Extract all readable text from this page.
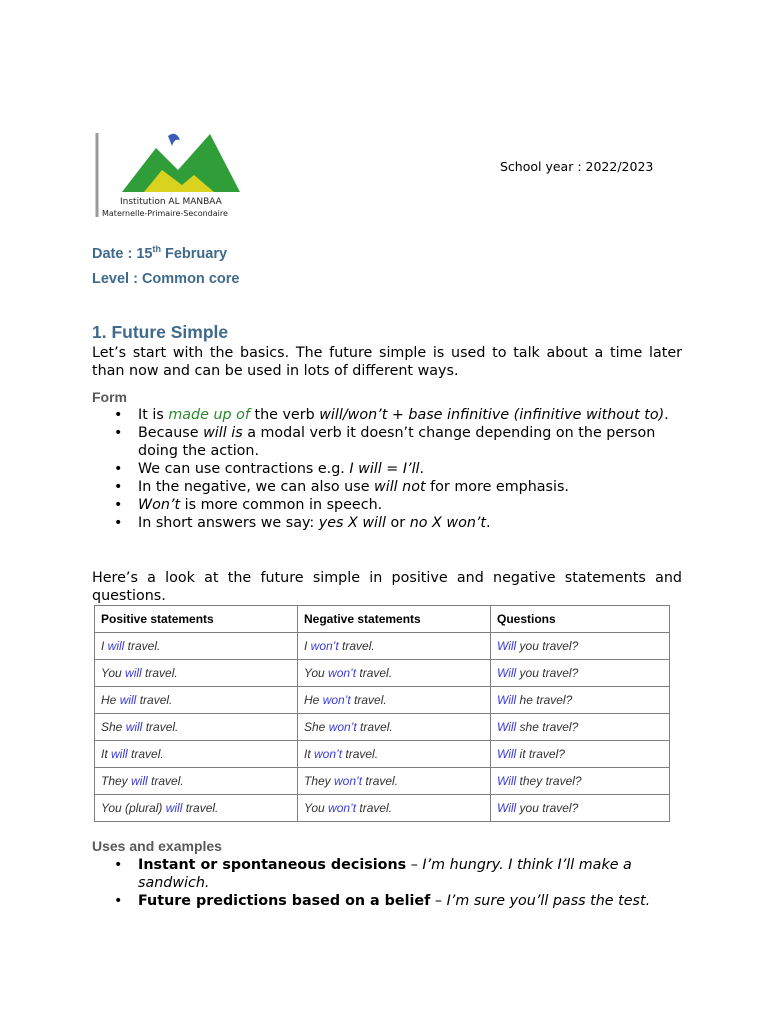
Institution AL MANBAA
Maternelle-Primaire-Secondaire
School year : 2022/2023
Date : 15th February
Level : Common core
1. Future Simple
Let’s start with the basics. The future simple is used to talk about a time later than now and can be used in lots of different ways.
Form
• It is made up of the verb will/won’t + base infinitive (infinitive without to).
• Because will is a modal verb it doesn’t change depending on the person doing the action.
• We can use contractions e.g. I will = I’ll.
• In the negative, we can also use will not for more emphasis.
• Won’t is more common in speech.
• In short answers we say: yes X will or no X won’t.
Here’s a look at the future simple in positive and negative statements and questions.
Positive statements	Negative statements	Questions
I will travel.	I won’t travel.	Will you travel?
You will travel.	You won’t travel.	Will you travel?
He will travel.	He won’t travel.	Will he travel?
She will travel.	She won’t travel.	Will she travel?
It will travel.	It won’t travel.	Will it travel?
They will travel.	They won’t travel.	Will they travel?
You (plural) will travel.	You won’t travel.	Will you travel?
Uses and examples
• Instant or spontaneous decisions – I’m hungry. I think I’ll make a sandwich.
• Future predictions based on a belief – I’m sure you’ll pass the test.
